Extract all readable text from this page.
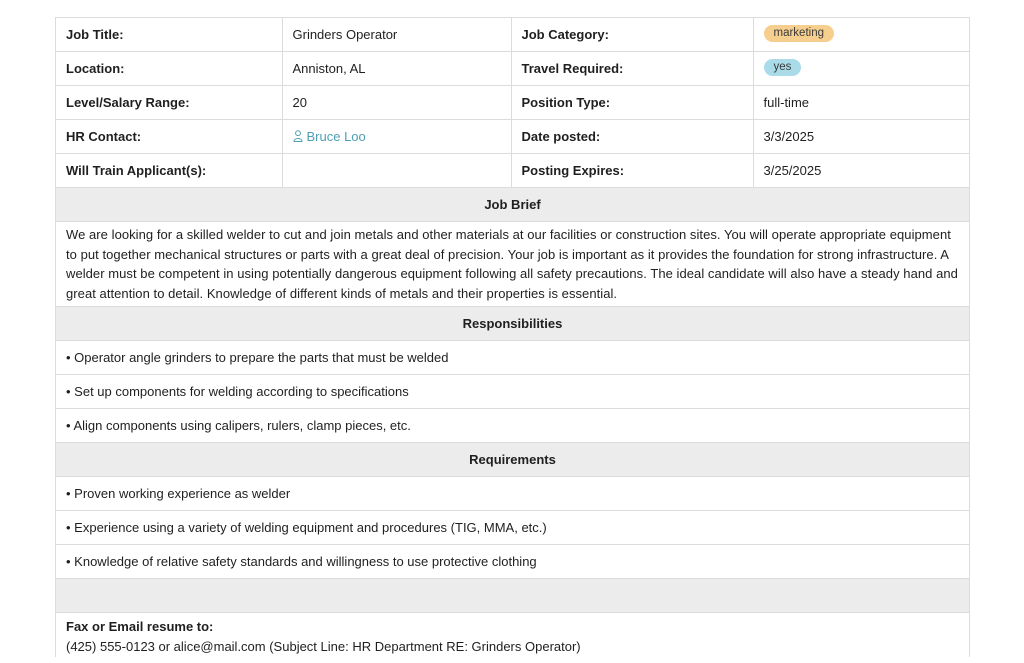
Job Title:	Grinders Operator	Job Category:	marketing
Location:	Anniston, AL	Travel Required:	yes
Level/Salary Range:	20	Position Type:	full-time
HR Contact:	Bruce Loo	Date posted:	3/3/2025
Will Train Applicant(s):		Posting Expires:	3/25/2025
Job Brief
We are looking for a skilled welder to cut and join metals and other materials at our facilities or construction sites. You will operate appropriate equipment to put together mechanical structures or parts with a great deal of precision. Your job is important as it provides the foundation for strong infrastructure. A welder must be competent in using potentially dangerous equipment following all safety precautions. The ideal candidate will also have a steady hand and great attention to detail. Knowledge of different kinds of metals and their properties is essential.
Responsibilities
• Operator angle grinders to prepare the parts that must be welded
• Set up components for welding according to specifications
• Align components using calipers, rulers, clamp pieces, etc.
Requirements
• Proven working experience as welder
• Experience using a variety of welding equipment and procedures (TIG, MMA, etc.)
• Knowledge of relative safety standards and willingness to use protective clothing
Fax or Email resume to:
(425) 555-0123 or alice@mail.com (Subject Line: HR Department RE: Grinders Operator)
